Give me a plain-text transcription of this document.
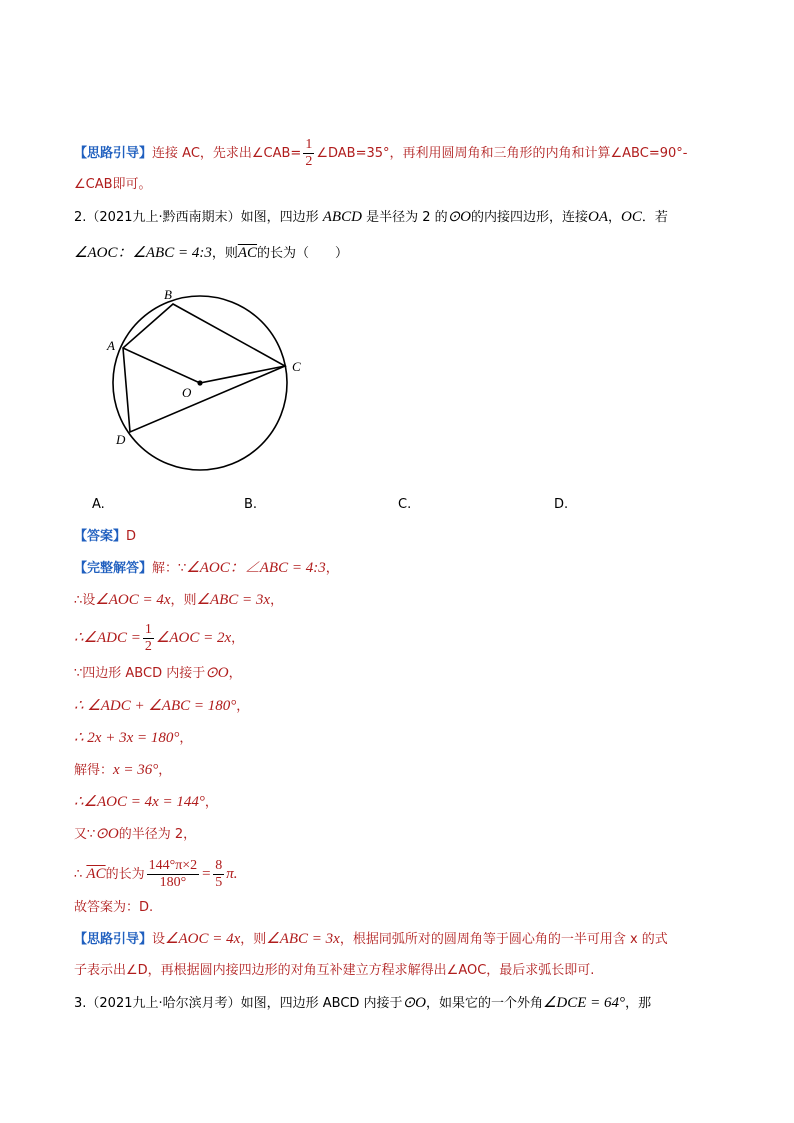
【思路引导】连接 AC，先求出∠CAB= $\frac{1}{2}$ ∠DAB=35°，再利用圆周角和三角形的内角和计算∠ABC=90°-
∠CAB即可。
2.（2021九上·黔西南期末）如图，四边形 ABCD 是半径为 2 的⊙O的内接四边形，连接OA，OC．若
∠AOC：∠ABC = 4:3，则$\overline{AC}$的长为（　　）
B
A
C
D
O
A.	B.	C.	D.
【答案】D
【完整解答】解：∵∠AOC：∠ABC = 4:3，
∴设∠AOC = 4x，则∠ABC = 3x，
∴∠ADC = $\frac{1}{2}$ ∠AOC = 2x，
∵四边形 ABCD 内接于⊙O，
∴ ∠ADC + ∠ABC = 180°，
∴ 2x + 3x = 180°，
解得：x = 36°，
∴∠AOC = 4x = 144°，
又∵⊙O的半径为 2，
∴ $\overline{AC}$的长为 $\frac{144^\circ\pi\times 2}{180^\circ} = \frac{8}{5} \pi$.
故答案为：D.
【思路引导】设∠AOC = 4x，则∠ABC = 3x，根据同弧所对的圆周角等于圆心角的一半可用含 x 的式
子表示出∠D，再根据圆内接四边形的对角互补建立方程求解得出∠AOC，最后求弧长即可.
3.（2021九上·哈尔滨月考）如图，四边形 ABCD 内接于⊙O，如果它的一个外角∠DCE = 64°，那
